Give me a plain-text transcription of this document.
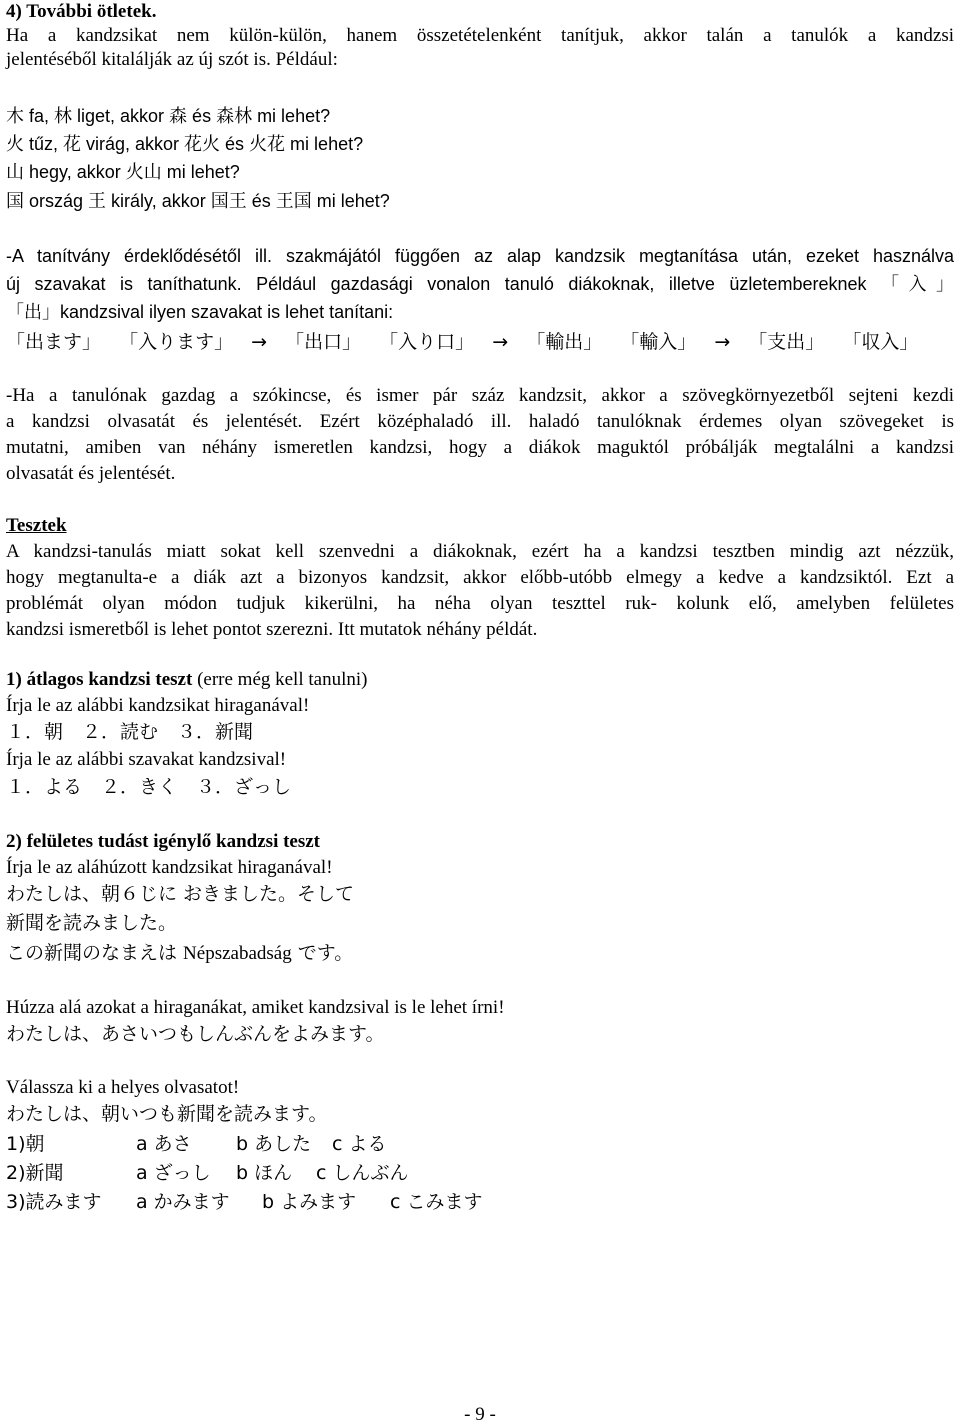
4) További ötletek.
Ha a kandzsikat nem külön-külön, hanem összetételenként tanítjuk, akkor talán a tanulók a kandzsi
jelentéséből kitalálják az új szót is. Például:
木 fa, 林 liget, akkor 森 és 森林 mi lehet?
火 tűz, 花 virág, akkor 花火 és 火花 mi lehet?
山 hegy, akkor 火山 mi lehet?
国 ország 王 király, akkor 国王 és 王国 mi lehet?
-A tanítvány érdeklődésétől ill. szakmájától függően az alap kandzsik megtanítása után, ezeket használva
új szavakat is taníthatunk. Például gazdasági vonalon tanuló diákoknak, illetve üzletembereknek 「入」
「出」kandzsival ilyen szavakat is lehet tanítani:
「出ます」 「入ります」 → 「出口」 「入り口」 → 「輸出」 「輸入」 → 「支出」 「収入」
-Ha a tanulónak gazdag a szókincse, és ismer pár száz kandzsit, akkor a szövegkörnyezetből sejteni kezdi
a kandzsi olvasatát és jelentését. Ezért középhaladó ill. haladó tanulóknak érdemes olyan szövegeket is
mutatni, amiben van néhány ismeretlen kandzsi, hogy a diákok maguktól próbálják megtalálni a kandzsi
olvasatát és jelentését.
Tesztek
A kandzsi-tanulás miatt sokat kell szenvedni a diákoknak, ezért ha a kandzsi tesztben mindig azt nézzük,
hogy megtanulta-e a diák azt a bizonyos kandzsit, akkor előbb-utóbb elmegy a kedve a kandzsiktól. Ezt a
problémát olyan módon tudjuk kikerülni, ha néha olyan teszttel ruk- kolunk elő, amelyben felületes
kandzsi ismeretből is lehet pontot szerezni. Itt mutatok néhány példát.
1) átlagos kandzsi teszt (erre még kell tanulni)
Írja le az alábbi kandzsikat hiraganával!
１．朝　２．読む　３．新聞
Írja le az alábbi szavakat kandzsival!
１．よる　２．きく　３．ざっし
2) felületes tudást igénylő kandzsi teszt
Írja le az aláhúzott kandzsikat hiraganával!
わたしは、朝６じに おきました。そして
新聞を読みました。
この新聞のなまえは Népszabadság です。
Húzza alá azokat a hiraganákat, amiket kandzsival is le lehet írni!
わたしは、あさいつもしんぶんをよみます。
Válassza ki a helyes olvasatot!
わたしは、朝いつも新聞を読みます。
1)朝	a あさ b あした c よる
2)新聞	a ざっし b ほん c しんぶん
3)読みます a かみます b よみます c こみます
- 9 -
